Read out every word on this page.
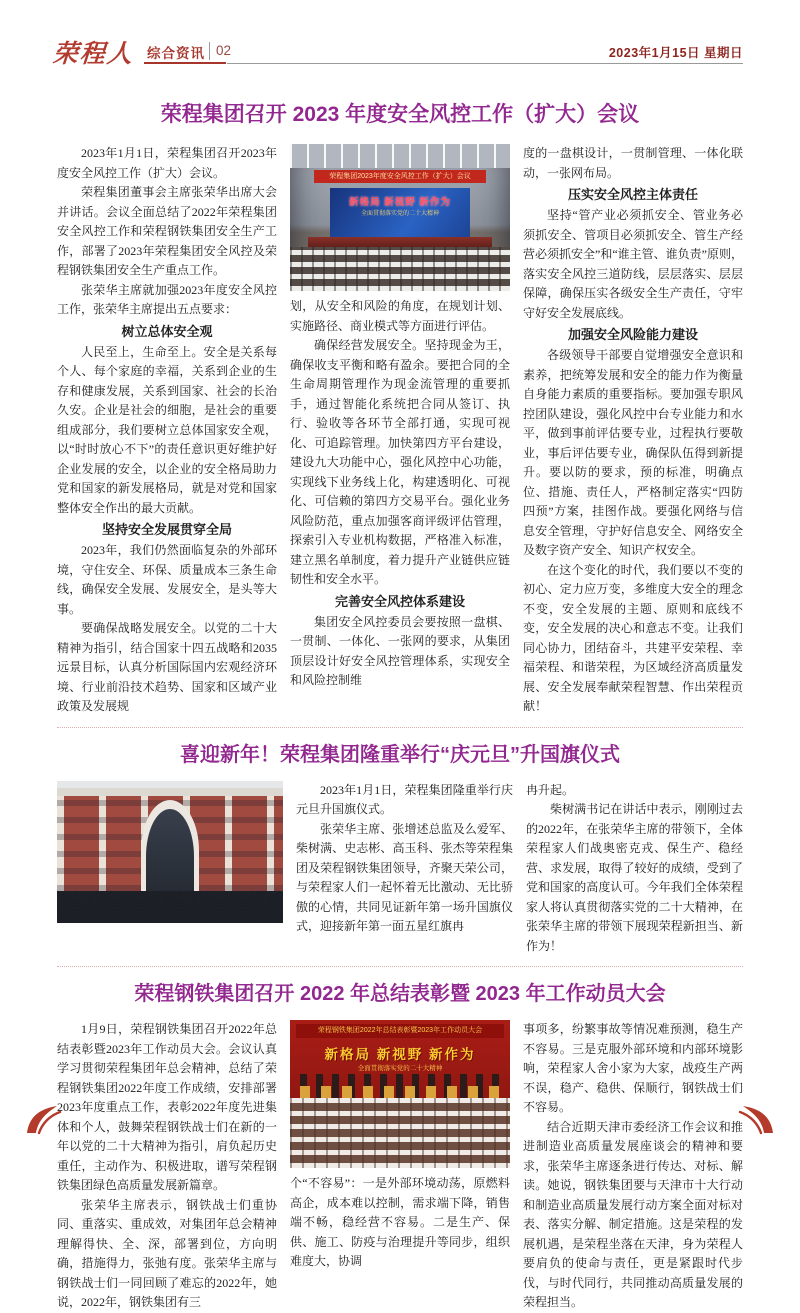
荣程人 综合资讯 02	2023年1月15日 星期日
荣程集团召开 2023 年度安全风控工作（扩大）会议

2023年1月1日，荣程集团召开2023年度安全风控工作（扩大）会议。

荣程集团董事会主席张荣华出席大会并讲话。会议全面总结了2022年荣程集团安全风控工作和荣程钢铁集团安全生产工作，部署了2023年荣程集团安全风控及荣程钢铁集团安全生产重点工作。

张荣华主席就加强2023年度安全风控工作，张荣华主席提出五点要求：

树立总体安全观

人民至上，生命至上。安全是关系每个人、每个家庭的幸福，关系到企业的生存和健康发展，关系到国家、社会的长治久安。企业是社会的细胞，是社会的重要组成部分，我们要树立总体国家安全观，以“时时放心不下”的责任意识更好维护好企业发展的安全，以企业的安全格局助力党和国家的新发展格局，就是对党和国家整体安全作出的最大贡献。

坚持安全发展贯穿全局

2023年，我们仍然面临复杂的外部环境，守住安全、环保、质量成本三条生命线，确保安全发展、发展安全，是头等大事。

要确保战略发展安全。以党的二十大精神为指引，结合国家十四五战略和2035远景目标，认真分析国际国内宏观经济环境、行业前沿技术趋势、国家和区域产业政策及发展规

荣程集团2023年度安全风控工作（扩大）会议
新格局 新视野 新作为
全面贯彻落实党的二十大精神

划，从安全和风险的角度，在规划计划、实施路径、商业模式等方面进行评估。

确保经营发展安全。坚持现金为王，确保收支平衡和略有盈余。要把合同的全生命周期管理作为现金流管理的重要抓手，通过智能化系统把合同从签订、执行、验收等各环节全部打通，实现可视化、可追踪管理。加快第四方平台建设，建设九大功能中心，强化风控中心功能，实现线下业务线上化，构建透明化、可视化、可信赖的第四方交易平台。强化业务风险防范，重点加强客商评级评估管理，探索引入专业机构数据，严格准入标准，建立黑名单制度，着力提升产业链供应链韧性和安全水平。

完善安全风控体系建设

集团安全风控委员会要按照一盘棋、一贯制、一体化、一张网的要求，从集团顶层设计好安全风控管理体系，实现安全和风险控制维

度的一盘棋设计，一贯制管理、一体化联动，一张网布局。

压实安全风控主体责任

坚持“管产业必须抓安全、管业务必须抓安全、管项目必须抓安全、管生产经营必须抓安全”和“谁主管、谁负责”原则，落实安全风控三道防线，层层落实、层层保障，确保压实各级安全生产责任，守牢守好安全发展底线。

加强安全风险能力建设

各级领导干部要自觉增强安全意识和素养，把统筹发展和安全的能力作为衡量自身能力素质的重要指标。要加强专职风控团队建设，强化风控中台专业能力和水平，做到事前评估要专业，过程执行要敬业，事后评估要专业，确保队伍得到新提升。要以防的要求，预的标准，明确点位、措施、责任人，严格制定落实“四防四预”方案，挂图作战。要强化网络与信息安全管理，守护好信息安全、网络安全及数字资产安全、知识产权安全。

在这个变化的时代，我们要以不变的初心、定力应万变，多维度大安全的理念不变，安全发展的主题、原则和底线不变，安全发展的决心和意志不变。让我们同心协力，团结奋斗，共建平安荣程、幸福荣程、和谐荣程，为区域经济高质量发展、安全发展奉献荣程智慧、作出荣程贡献！

喜迎新年！荣程集团隆重举行“庆元旦”升国旗仪式

2023年1月1日，荣程集团隆重举行庆元旦升国旗仪式。

张荣华主席、张增述总监及么爱军、柴树满、史志彬、高玉科、张杰等荣程集团及荣程钢铁集团领导，齐聚天荣公司，与荣程家人们一起怀着无比激动、无比骄傲的心情，共同见证新年第一场升国旗仪式，迎接新年第一面五星红旗冉

冉升起。

柴树满书记在讲话中表示，刚刚过去的2022年，在张荣华主席的带领下，全体荣程家人们战奥密克戎、保生产、稳经营、求发展，取得了较好的成绩，受到了党和国家的高度认可。今年我们全体荣程家人将认真贯彻落实党的二十大精神，在张荣华主席的带领下展现荣程新担当、新作为！

荣程钢铁集团召开 2022 年总结表彰暨 2023 年工作动员大会

1月9日，荣程钢铁集团召开2022年总结表彰暨2023年工作动员大会。会议认真学习贯彻荣程集团年总会精神，总结了荣程钢铁集团2022年度工作成绩，安排部署2023年度重点工作，表彰2022年度先进集体和个人，鼓舞荣程钢铁战士们在新的一年以党的二十大精神为指引，肩负起历史重任，主动作为、积极进取，谱写荣程钢铁集团绿色高质量发展新篇章。

张荣华主席表示，钢铁战士们重协同、重落实、重成效，对集团年总会精神理解得快、全、深，部署到位，方向明确，措施得力，张弛有度。张荣华主席与钢铁战士们一同回顾了难忘的2022年，她说，2022年，钢铁集团有三

荣程钢铁集团2022年总结表彰暨2023年工作动员大会
新格局 新视野 新作为
全面贯彻落实党的二十大精神

个“不容易”：一是外部环境动荡，原燃料高企，成本难以控制，需求端下降，销售端不畅，稳经营不容易。二是生产、保供、施工、防疫与治理提升等同步，组织难度大，协调

事项多，纷繁事故等情况难预测，稳生产不容易。三是克服外部环境和内部环境影响，荣程家人舍小家为大家，战疫生产两不误，稳产、稳供、保顺行，钢铁战士们不容易。

结合近期天津市委经济工作会议和推进制造业高质量发展座谈会的精神和要求，张荣华主席逐条进行传达、对标、解读。她说，钢铁集团要与天津市十大行动和制造业高质量发展行动方案全面对标对表、落实分解、制定措施。这是荣程的发展机遇，是荣程坐落在天津，身为荣程人要肩负的使命与责任，更是紧跟时代步伐，与时代同行，共同推动高质量发展的荣程担当。
